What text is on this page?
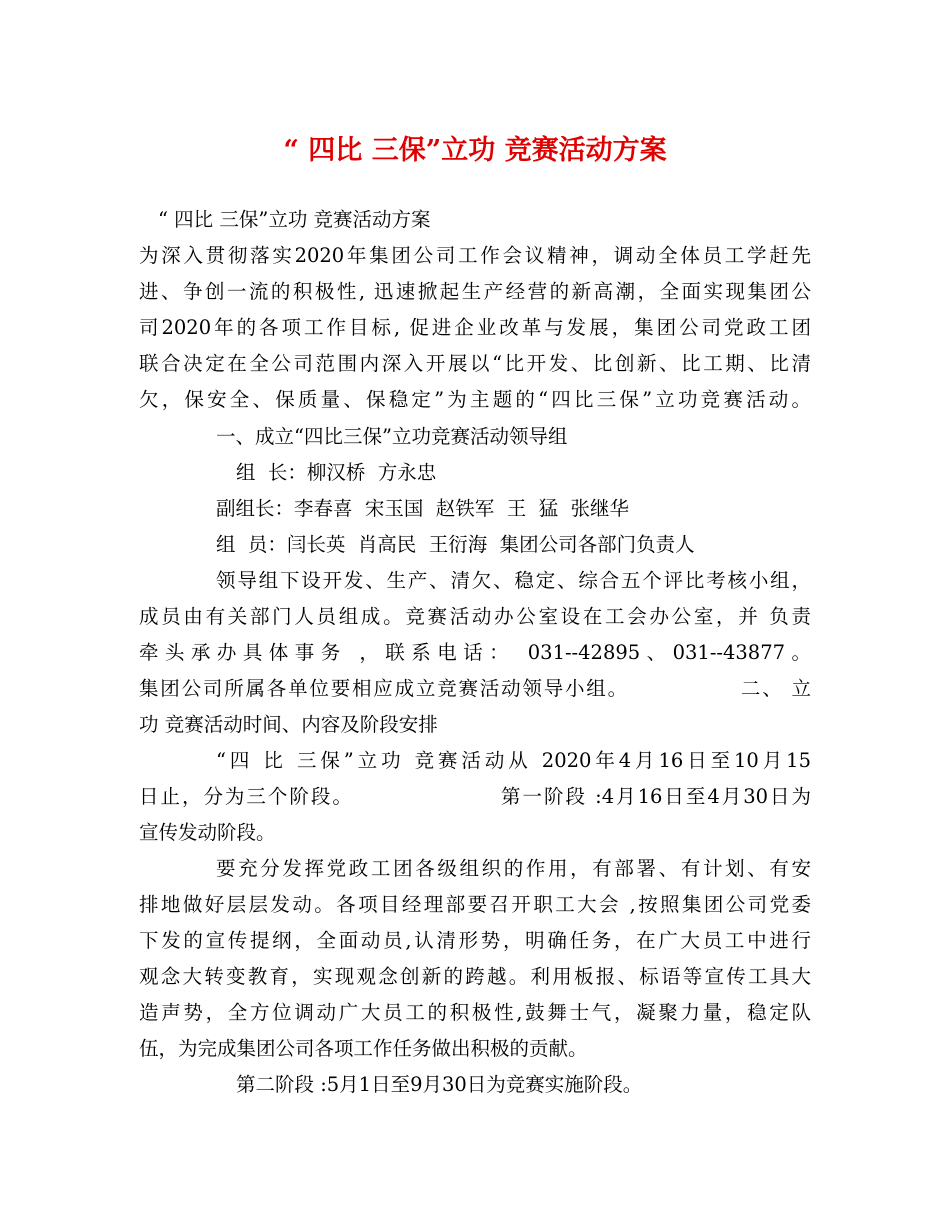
“ 四比 三保”立功 竞赛活动方案
“ 四比 三保”立功 竞赛活动方案
为深入贯彻落实2020年集团公司工作会议精神，调动全体员工学赶先
进、争创一流的积极性, 迅速掀起生产经营的新高潮，全面实现集团公
司2020年的各项工作目标, 促进企业改革与发展，集团公司党政工团
联合决定在全公司范围内深入开展以“比开发、比创新、比工期、比清
欠，保安全、保质量、保稳定”为主题的“四比三保”立功竞赛活动。
一、成立“四比三保”立功竞赛活动领导组
组  长：柳汉桥  方永忠
副组长：李春喜  宋玉国  赵铁军  王  猛  张继华
组  员：闫长英  肖高民  王衍海  集团公司各部门负责人
领导组下设开发、生产、清欠、稳定、综合五个评比考核小组，
成员由有关部门人员组成。竞赛活动办公室设在工会办公室，并 负责
牵头承办具体事务 ，联系电话： 031--42895、031--43877。
集团公司所属各单位要相应成立竞赛活动领导小组。              二、 立
功 竞赛活动时间、内容及阶段安排
“四 比 三保”立功 竞赛活动从 2020年4月16日至10月15
日止，分为三个阶段。                  第一阶段 :4月16日至4月30日为
宣传发动阶段。
要充分发挥党政工团各级组织的作用，有部署、有计划、有安
排地做好层层发动。各项目经理部要召开职工大会 ,按照集团公司党委
下发的宣传提纲，全面动员,认清形势，明确任务，在广大员工中进行
观念大转变教育，实现观念创新的跨越。利用板报、标语等宣传工具大
造声势，全方位调动广大员工的积极性,鼓舞士气，凝聚力量，稳定队
伍，为完成集团公司各项工作任务做出积极的贡献。
第二阶段 :5月1日至9月30日为竞赛实施阶段。
